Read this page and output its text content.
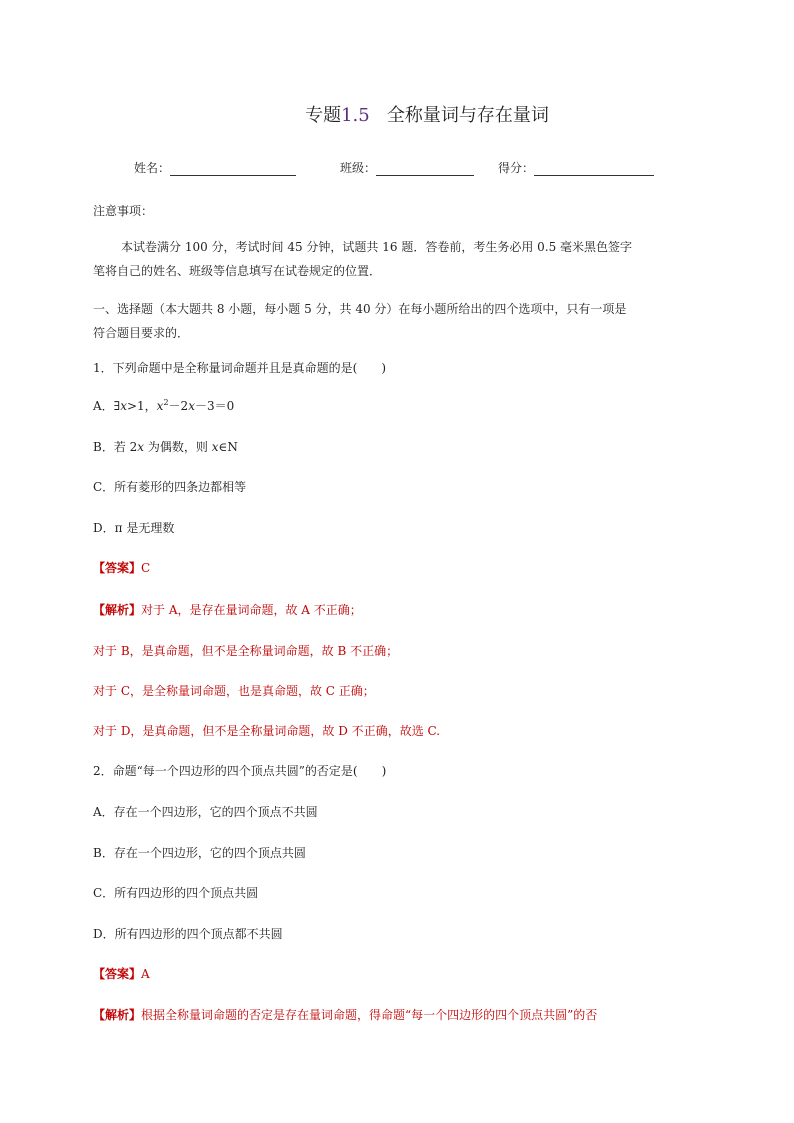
专题1.5 全称量词与存在量词
姓名：	班级：	得分：
注意事项：
本试卷满分 100 分，考试时间 45 分钟，试题共 16 题．答卷前，考生务必用 0.5 毫米黑色签字
笔将自己的姓名、班级等信息填写在试卷规定的位置．
一、选择题（本大题共 8 小题，每小题 5 分，共 40 分）在每小题所给出的四个选项中，只有一项是
符合题目要求的．
1．下列命题中是全称量词命题并且是真命题的是(　　)
A．∃x>1，$x^2-2x-3=0$
B．若 2x 为偶数，则 x∈N
C．所有菱形的四条边都相等
D．π 是无理数
【答案】C
【解析】对于 A，是存在量词命题，故 A 不正确；
对于 B，是真命题，但不是全称量词命题，故 B 不正确；
对于 C，是全称量词命题，也是真命题，故 C 正确；
对于 D，是真命题，但不是全称量词命题，故 D 不正确，故选 C.
2．命题“每一个四边形的四个顶点共圆”的否定是(　　)
A．存在一个四边形，它的四个顶点不共圆
B．存在一个四边形，它的四个顶点共圆
C．所有四边形的四个顶点共圆
D．所有四边形的四个顶点都不共圆
【答案】A
【解析】根据全称量词命题的否定是存在量词命题，得命题“每一个四边形的四个顶点共圆”的否
